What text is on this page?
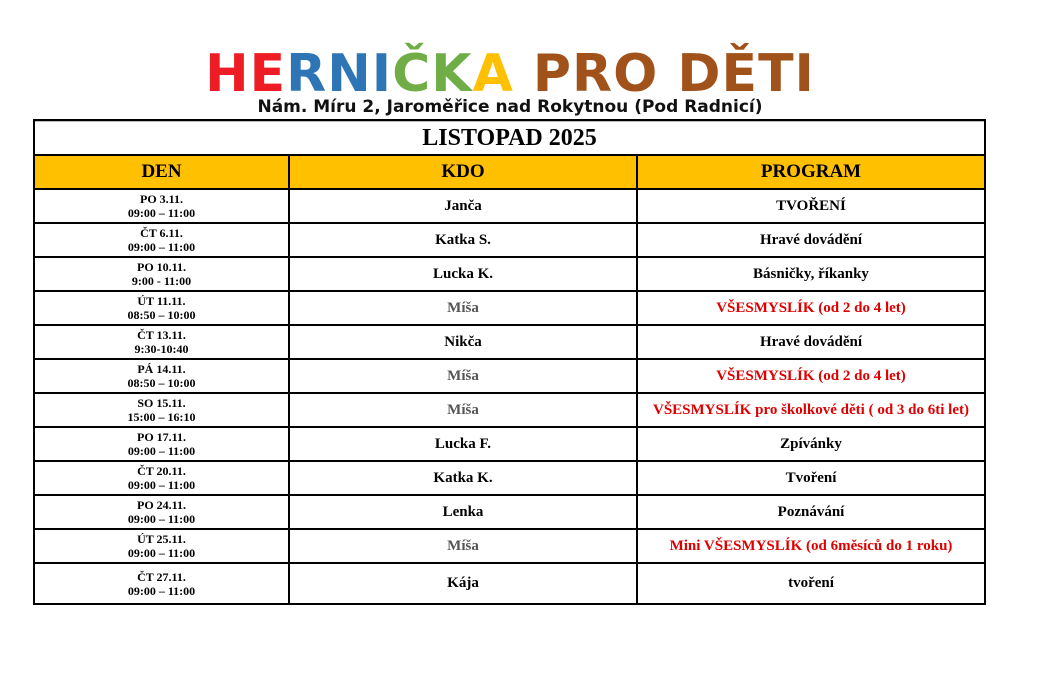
HERNIČKA PRO DĚTI
Nám. Míru 2, Jaroměřice nad Rokytnou (Pod Radnicí)
LISTOPAD 2025
DEN	KDO	PROGRAM
PO 3.11.
09:00 – 11:00	Janča	TVOŘENÍ
ČT 6.11.
09:00 – 11:00	Katka S.	Hravé dovádění
PO 10.11.
9:00 - 11:00	Lucka K.	Básničky, říkanky
ÚT 11.11.
08:50 – 10:00	Míša	VŠESMYSLÍK (od 2 do 4 let)
ČT 13.11.
9:30-10:40	Nikča	Hravé dovádění
PÁ 14.11.
08:50 – 10:00	Míša	VŠESMYSLÍK (od 2 do 4 let)
SO 15.11.
15:00 – 16:10	Míša	VŠESMYSLÍK pro školkové děti ( od 3 do 6ti let)
PO 17.11.
09:00 – 11:00	Lucka F.	Zpívánky
ČT 20.11.
09:00 – 11:00	Katka K.	Tvoření
PO 24.11.
09:00 – 11:00	Lenka	Poznávání
ÚT 25.11.
09:00 – 11:00	Míša	Mini VŠESMYSLÍK (od 6měsíců do 1 roku)
ČT 27.11.
09:00 – 11:00	Kája	tvoření
